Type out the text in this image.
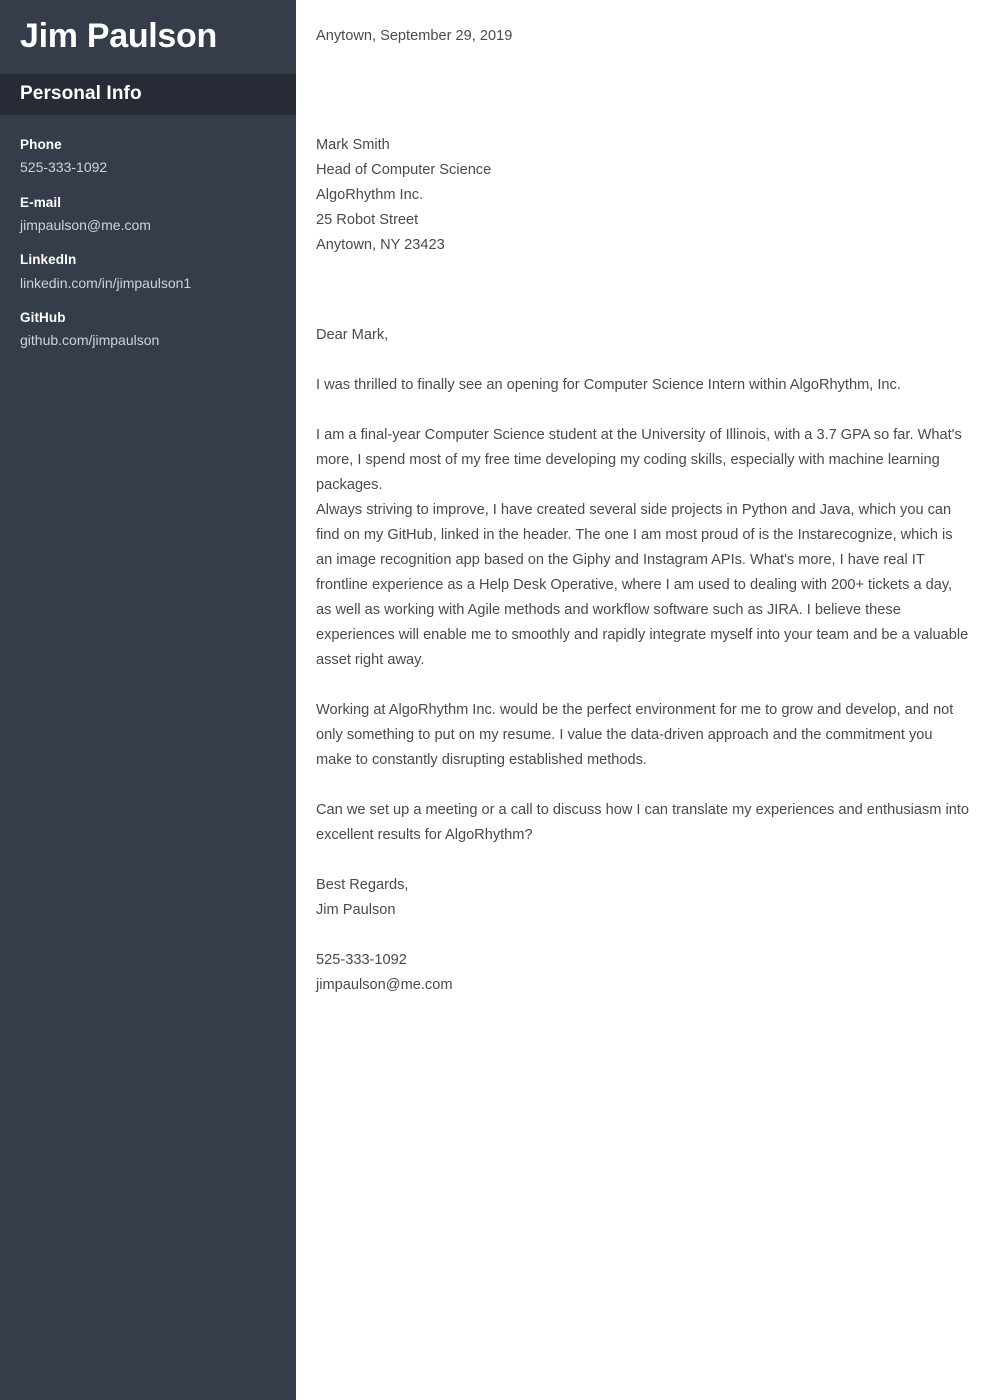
Jim Paulson
Personal Info
Phone
525-333-1092
E-mail
jimpaulson@me.com
LinkedIn
linkedin.com/in/jimpaulson1
GitHub
github.com/jimpaulson

Anytown, September 29, 2019

Mark Smith

Head of Computer Science

AlgoRhythm Inc.

25 Robot Street

Anytown, NY 23423

Dear Mark,

I was thrilled to finally see an opening for Computer Science Intern within AlgoRhythm, Inc.

I am a final-year Computer Science student at the University of Illinois, with a 3.7 GPA so far. What's more, I spend most of my free time developing my coding skills, especially with machine learning packages.

Always striving to improve, I have created several side projects in Python and Java, which you can find on my GitHub, linked in the header. The one I am most proud of is the Instarecognize, which is an image recognition app based on the Giphy and Instagram APIs. What's more, I have real IT frontline experience as a Help Desk Operative, where I am used to dealing with 200+ tickets a day, as well as working with Agile methods and workflow software such as JIRA. I believe these experiences will enable me to smoothly and rapidly integrate myself into your team and be a valuable asset right away.

Working at AlgoRhythm Inc. would be the perfect environment for me to grow and develop, and not only something to put on my resume. I value the data-driven approach and the commitment you make to constantly disrupting established methods.

Can we set up a meeting or a call to discuss how I can translate my experiences and enthusiasm into excellent results for AlgoRhythm?

Best Regards,

Jim Paulson

525-333-1092

jimpaulson@me.com
